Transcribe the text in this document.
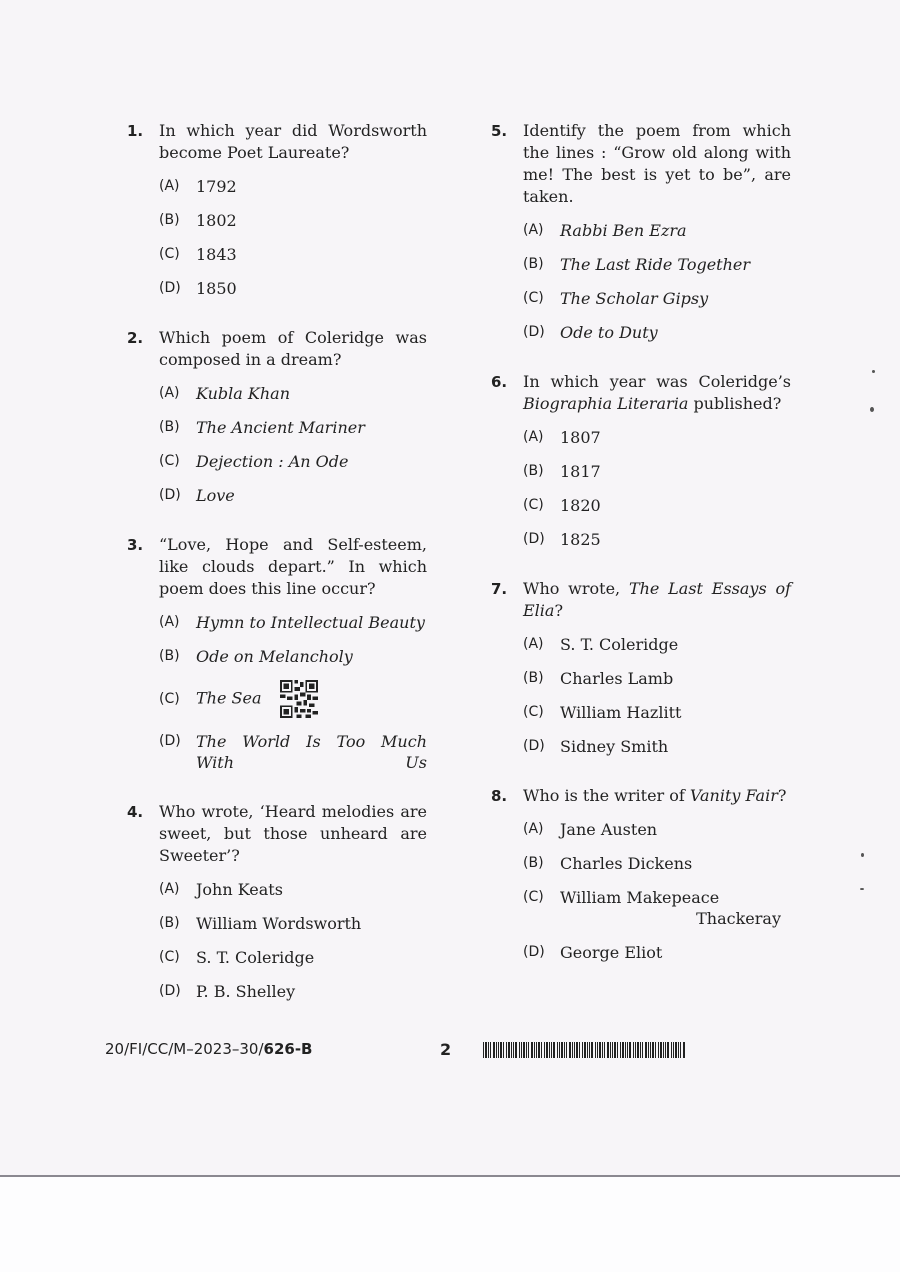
1. In which year did Wordsworth become Poet Laureate?
(A)	1792
(B)	1802
(C)	1843
(D) 1850
2. Which poem of Coleridge was composed in a dream?
(A)	Kubla Khan
(B)	The Ancient Mariner
(C)	Dejection : An Ode
(D) Love
3. “Love, Hope and Self-esteem, like clouds depart.” In which poem does this line occur?
(A)	Hymn to Intellectual Beauty
(B)	Ode on Melancholy
(C)	The Sea
(D) The World Is Too Much With Us
4. Who wrote, ‘Heard melodies are sweet, but those unheard are Sweeter’?
(A)	John Keats
(B)	William Wordsworth
(C)	S. T. Coleridge
(D) P. B. Shelley
5. Identify the poem from which the lines : “Grow old along with me! The best is yet to be”, are taken.
(A)	Rabbi Ben Ezra
(B)	The Last Ride Together
(C)	The Scholar Gipsy
(D) Ode to Duty
6. In which year was Coleridge’s Biographia Literaria published?
(A)	1807
(B)	1817
(C)	1820
(D) 1825
7. Who wrote, The Last Essays of Elia?
(A)	S. T. Coleridge
(B)	Charles Lamb
(C)	William Hazlitt
(D) Sidney Smith
8. Who is the writer of Vanity Fair?
(A)	Jane Austen
(B)	Charles Dickens
(C)	William Makepeace

Thackeray
(D) George Eliot
20/FI/CC/M–2023–30/626-B	2
